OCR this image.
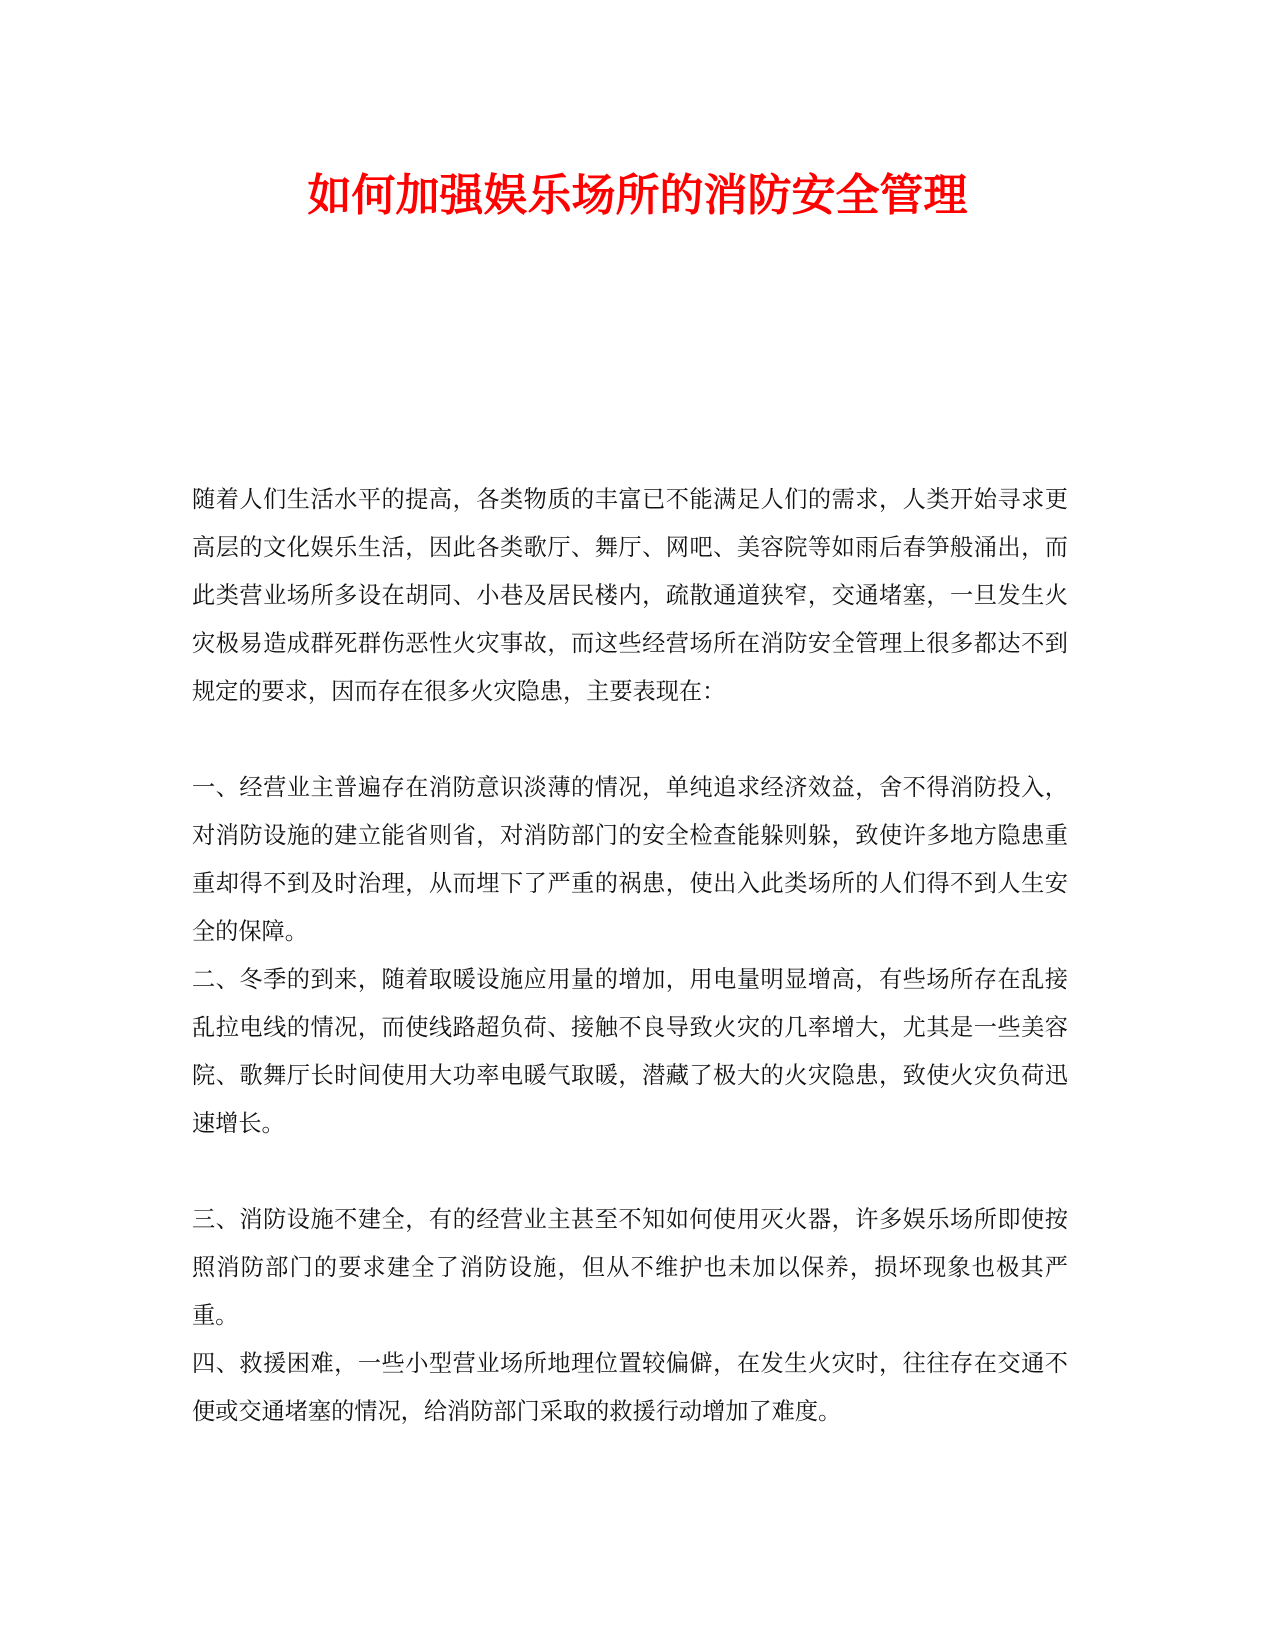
如何加强娱乐场所的消防安全管理

随着人们生活水平的提高，各类物质的丰富已不能满足人们的需求，人类开始寻求更高层的文化娱乐生活，因此各类歌厅、舞厅、网吧、美容院等如雨后春笋般涌出，而此类营业场所多设在胡同、小巷及居民楼内，疏散通道狭窄，交通堵塞，一旦发生火灾极易造成群死群伤恶性火灾事故，而这些经营场所在消防安全管理上很多都达不到规定的要求，因而存在很多火灾隐患，主要表现在：

一、经营业主普遍存在消防意识淡薄的情况，单纯追求经济效益，舍不得消防投入，对消防设施的建立能省则省，对消防部门的安全检查能躲则躲，致使许多地方隐患重重却得不到及时治理，从而埋下了严重的祸患，使出入此类场所的人们得不到人生安全的保障。

二、冬季的到来，随着取暖设施应用量的增加，用电量明显增高，有些场所存在乱接乱拉电线的情况，而使线路超负荷、接触不良导致火灾的几率增大，尤其是一些美容院、歌舞厅长时间使用大功率电暖气取暖，潜藏了极大的火灾隐患，致使火灾负荷迅速增长。

三、消防设施不建全，有的经营业主甚至不知如何使用灭火器，许多娱乐场所即使按照消防部门的要求建全了消防设施，但从不维护也未加以保养，损坏现象也极其严重。

四、救援困难，一些小型营业场所地理位置较偏僻，在发生火灾时，往往存在交通不便或交通堵塞的情况，给消防部门采取的救援行动增加了难度。
